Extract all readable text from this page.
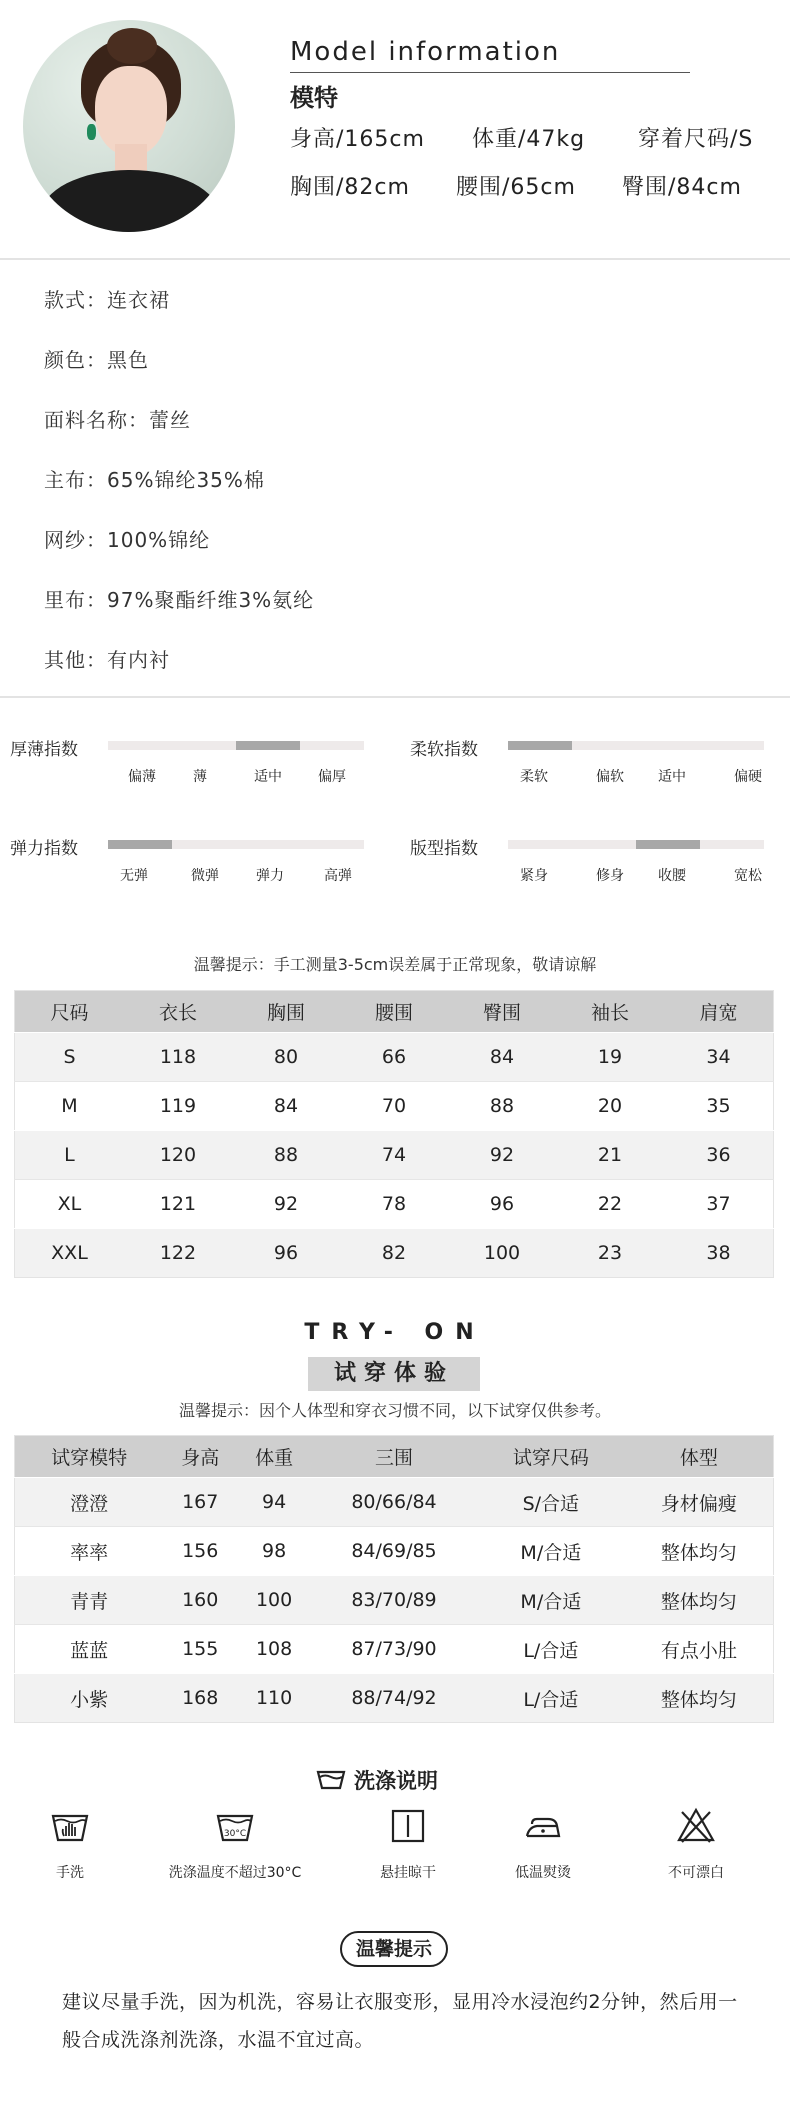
Model information
模特
身高/165cm 体重/47kg 穿着尺码/S
胸围/82cm 腰围/65cm 臀围/84cm
款式：连衣裙
颜色：黑色
面料名称：蕾丝
主布：65%锦纶35%棉
网纱：100%锦纶
里布：97%聚酯纤维3%氨纶
其他：有内衬
厚薄指数
偏薄	薄	适中	偏厚
柔软指数
柔软	偏软	适中	偏硬
弹力指数
无弹	微弹	弹力	高弹
版型指数
紧身	修身	收腰	宽松
温馨提示：手工测量3-5cm误差属于正常现象，敬请谅解
尺码	衣长	胸围	腰围	臀围	袖长	肩宽
S	118	80	66	84	19	34
M	119	84	70	88	20	35
L	120	88	74	92	21	36
XL	121	92	78	96	22	37
XXL	122	96	82	100	23	38
TRY- ON
试穿体验
温馨提示：因个人体型和穿衣习惯不同，以下试穿仅供参考。
试穿模特	身高	体重	三围	试穿尺码	体型
澄澄	167	94	80/66/84	S/合适	身材偏瘦
率率	156	98	84/69/85	M/合适	整体均匀
青青	160	100	83/70/89	M/合适	整体均匀
蓝蓝	155	108	87/73/90	L/合适	有点小肚
小紫	168	110	88/74/92	L/合适	整体均匀
洗涤说明
手洗
30°C
洗涤温度不超过30°C	悬挂晾干	低温熨烫	不可漂白
温馨提示
建议尽量手洗，因为机洗，容易让衣服变形，显用冷水浸泡约2分钟，然后用一般合成洗涤剂洗涤，水温不宜过高。
